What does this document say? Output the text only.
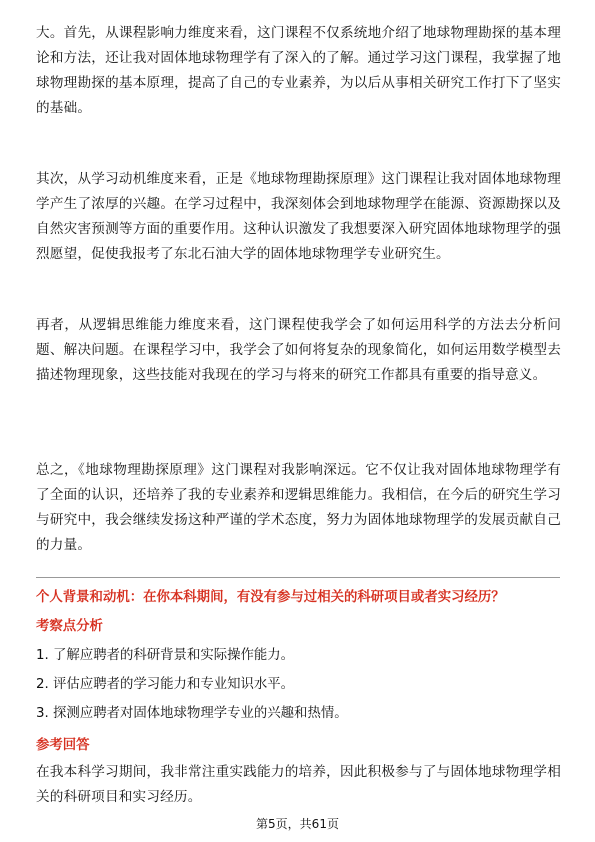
大。首先，从课程影响力维度来看，这门课程不仅系统地介绍了地球物理勘探的基本理论和方法，还让我对固体地球物理学有了深入的了解。通过学习这门课程，我掌握了地球物理勘探的基本原理，提高了自己的专业素养，为以后从事相关研究工作打下了坚实的基础。

其次，从学习动机维度来看，正是《地球物理勘探原理》这门课程让我对固体地球物理学产生了浓厚的兴趣。在学习过程中，我深刻体会到地球物理学在能源、资源勘探以及自然灾害预测等方面的重要作用。这种认识激发了我想要深入研究固体地球物理学的强烈愿望，促使我报考了东北石油大学的固体地球物理学专业研究生。

再者，从逻辑思维能力维度来看，这门课程使我学会了如何运用科学的方法去分析问题、解决问题。在课程学习中，我学会了如何将复杂的现象简化，如何运用数学模型去描述物理现象，这些技能对我现在的学习与将来的研究工作都具有重要的指导意义。

总之，《地球物理勘探原理》这门课程对我影响深远。它不仅让我对固体地球物理学有了全面的认识，还培养了我的专业素养和逻辑思维能力。我相信，在今后的研究生学习与研究中，我会继续发扬这种严谨的学术态度，努力为固体地球物理学的发展贡献自己的力量。

个人背景和动机：在你本科期间，有没有参与过相关的科研项目或者实习经历？
考察点分析
1. 了解应聘者的科研背景和实际操作能力。
2. 评估应聘者的学习能力和专业知识水平。
3. 探测应聘者对固体地球物理学专业的兴趣和热情。
参考回答

在我本科学习期间，我非常注重实践能力的培养，因此积极参与了与固体地球物理学相关的科研项目和实习经历。

第5页，共61页
